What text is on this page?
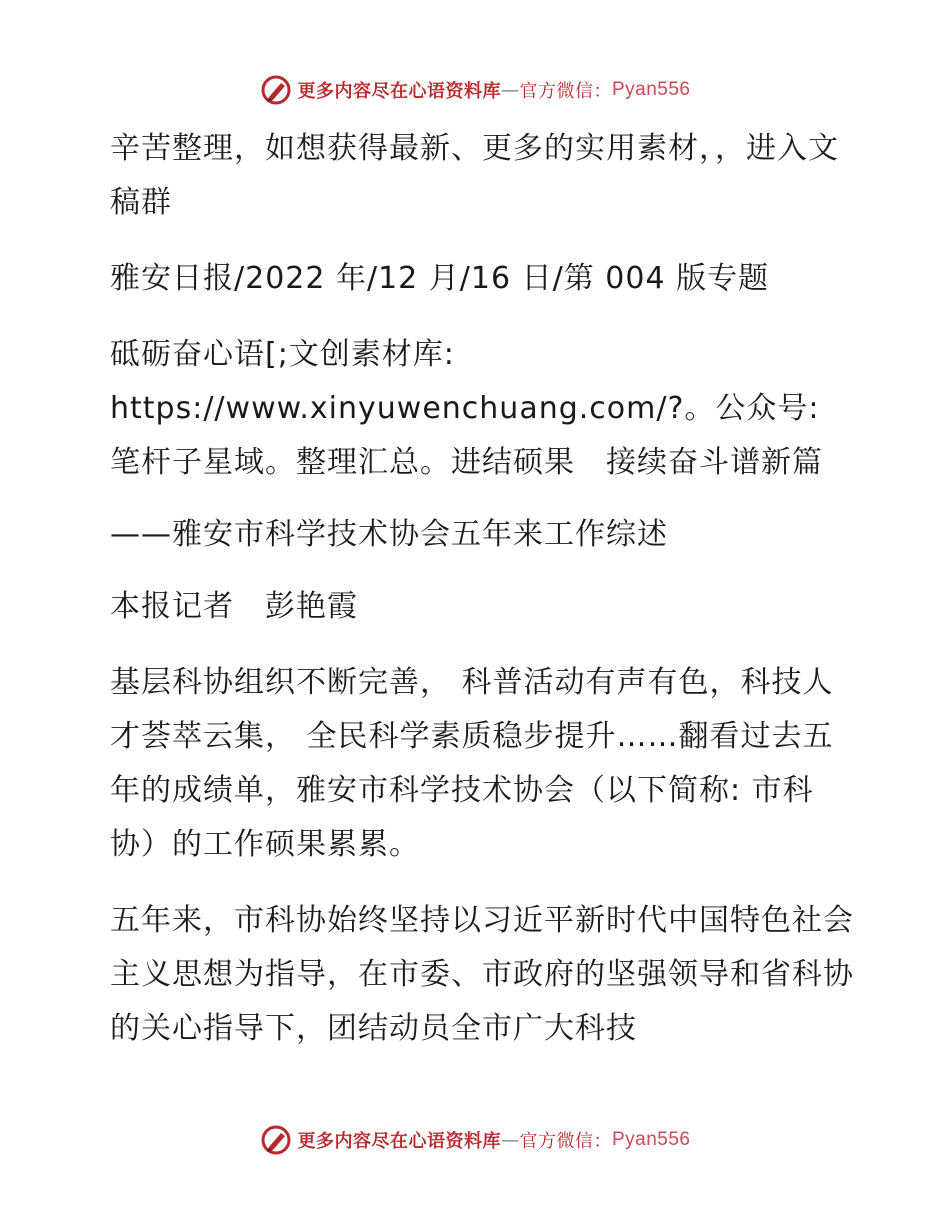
更多内容尽在心语资料库 — 官方微信： Pyan556

辛苦整理，如想获得最新、更多的实用素材，，进入文稿群

雅安日报/2022 年/12 月/16 日/第 004 版专题

砥砺奋心语[;文创素材库: https://www.xinyuwenchuang.com/?。公众号: 笔杆子星域。整理汇总。进结硕果　接续奋斗谱新篇

——雅安市科学技术协会五年来工作综述

本报记者　彭艳霞

基层科协组织不断完善， 科普活动有声有色，科技人才荟萃云集， 全民科学素质稳步提升……翻看过去五年的成绩单，雅安市科学技术协会（以下简称: 市科协）的工作硕果累累。

五年来，市科协始终坚持以习近平新时代中国特色社会主义思想为指导，在市委、市政府的坚强领导和省科协的关心指导下，团结动员全市广大科技

更多内容尽在心语资料库 — 官方微信： Pyan556
